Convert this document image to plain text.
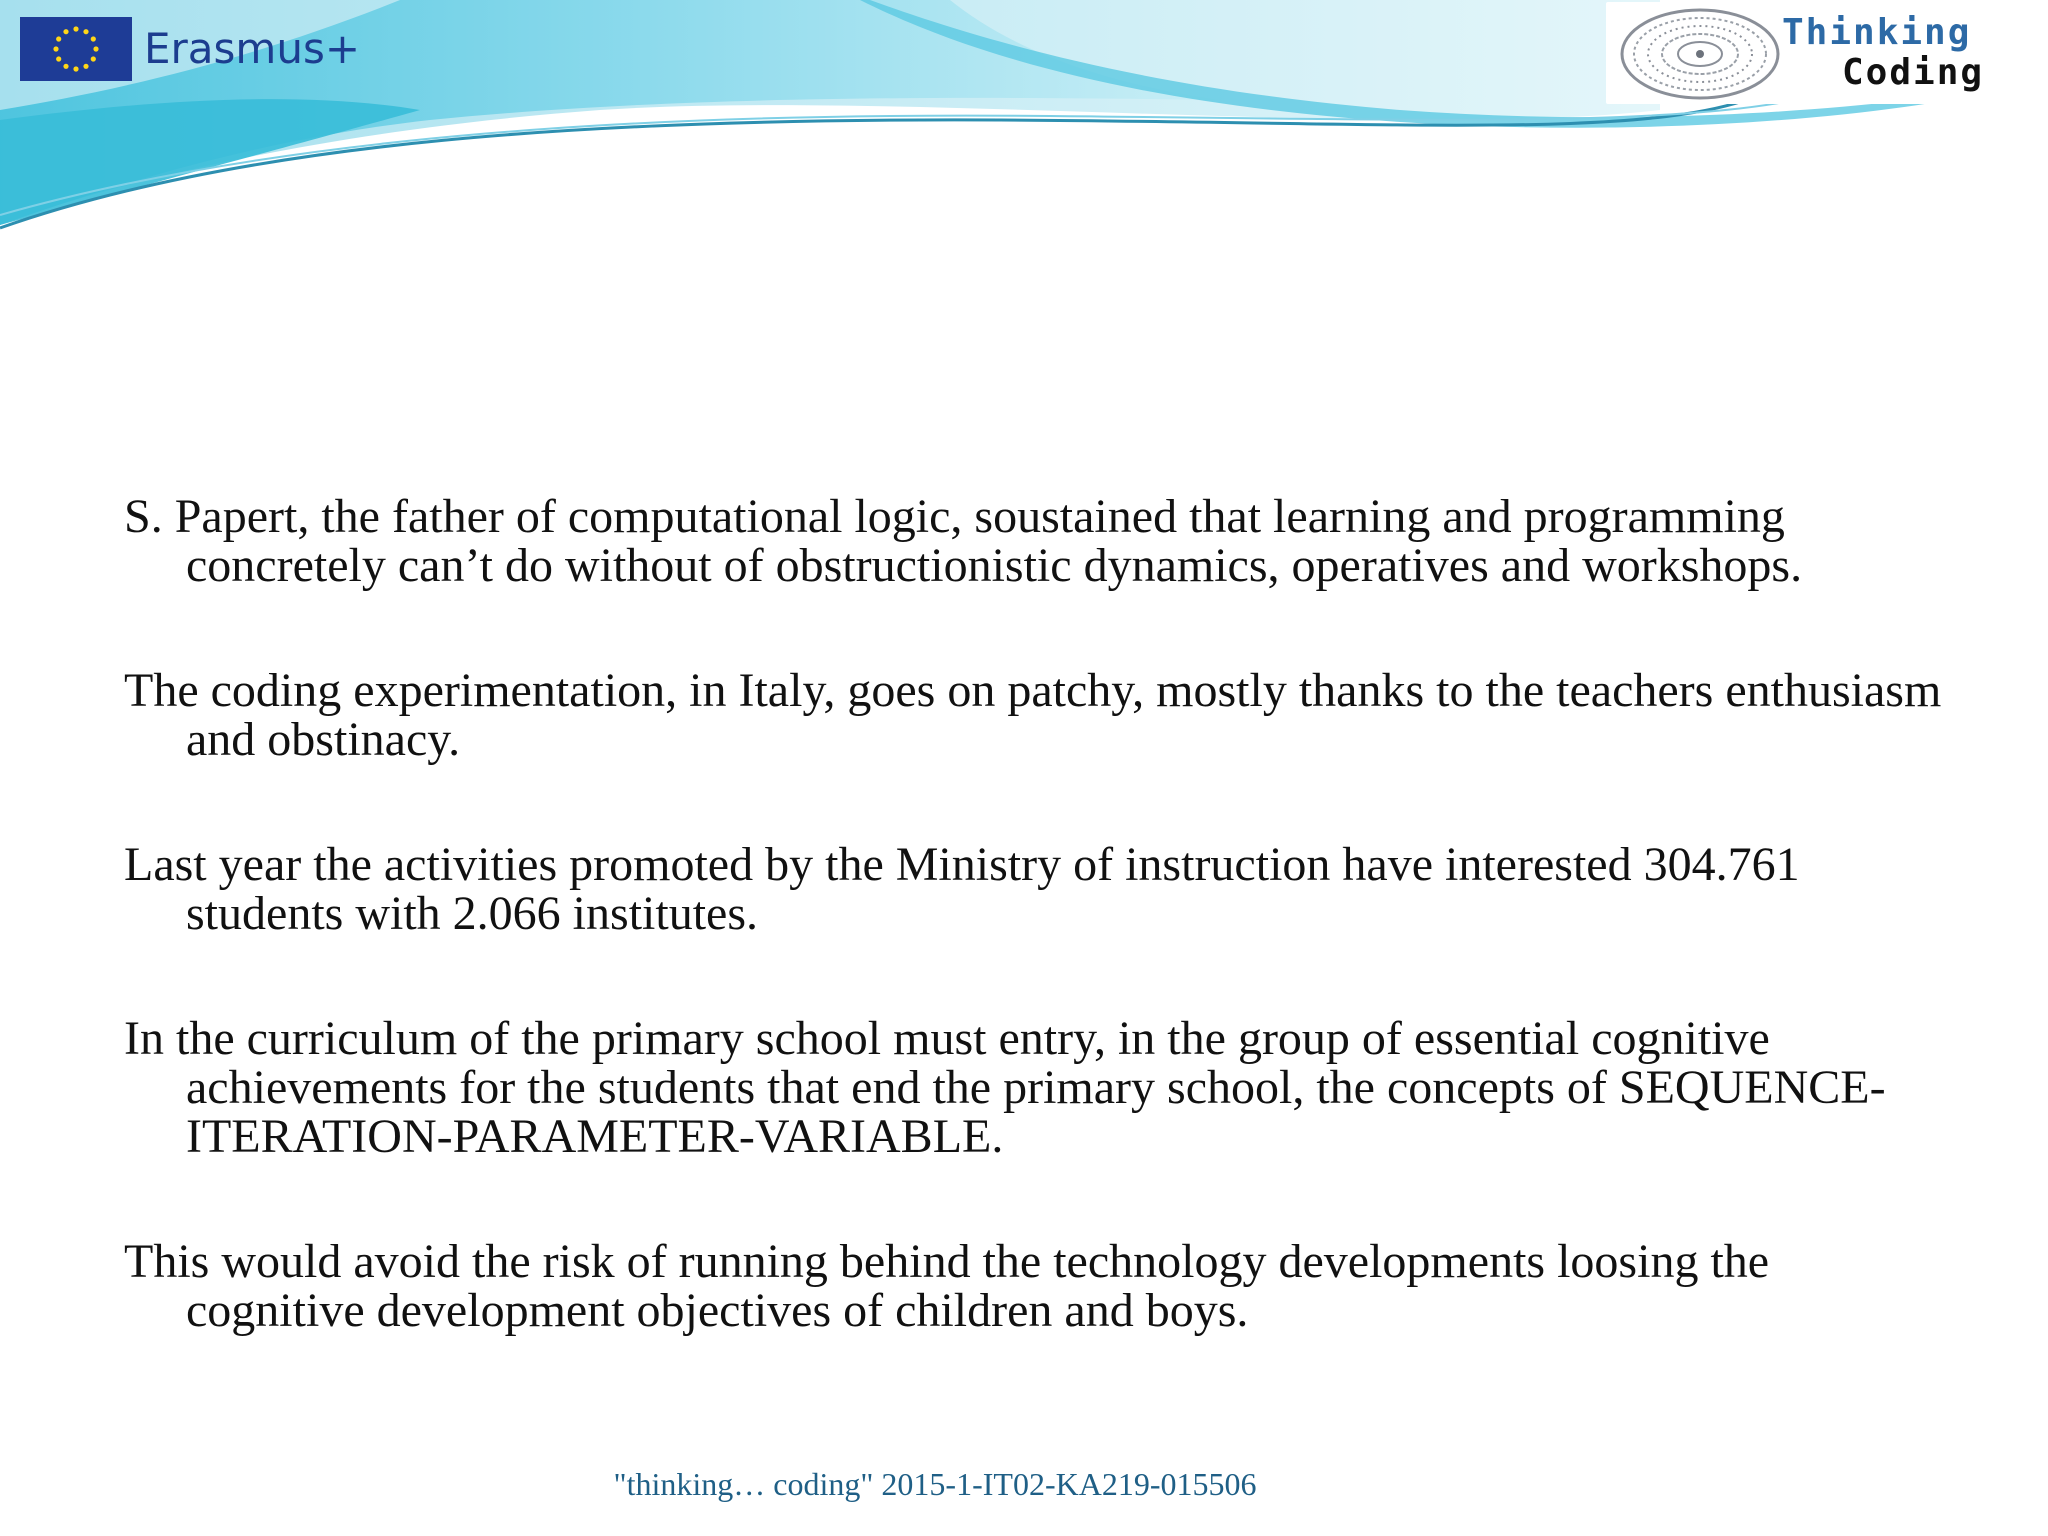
Erasmus+	Thinking
Coding

S. Papert, the father of computational logic, soustained that learning and programming concretely can’t do without of obstructionistic dynamics, operatives and workshops.

The coding experimentation, in Italy, goes on patchy, mostly thanks to the teachers enthusiasm and obstinacy.

Last year the activities promoted by the Ministry of instruction have interested 304.761 students with 2.066 institutes.

In the curriculum of the primary school must entry, in the group of essential cognitive achievements for the students that end the primary school, the concepts of SEQUENCE-ITERATION-PARAMETER-VARIABLE.

This would avoid the risk of running behind the technology developments loosing the cognitive development objectives of children and boys.

"thinking… coding" 2015-1-IT02-KA219-015506
